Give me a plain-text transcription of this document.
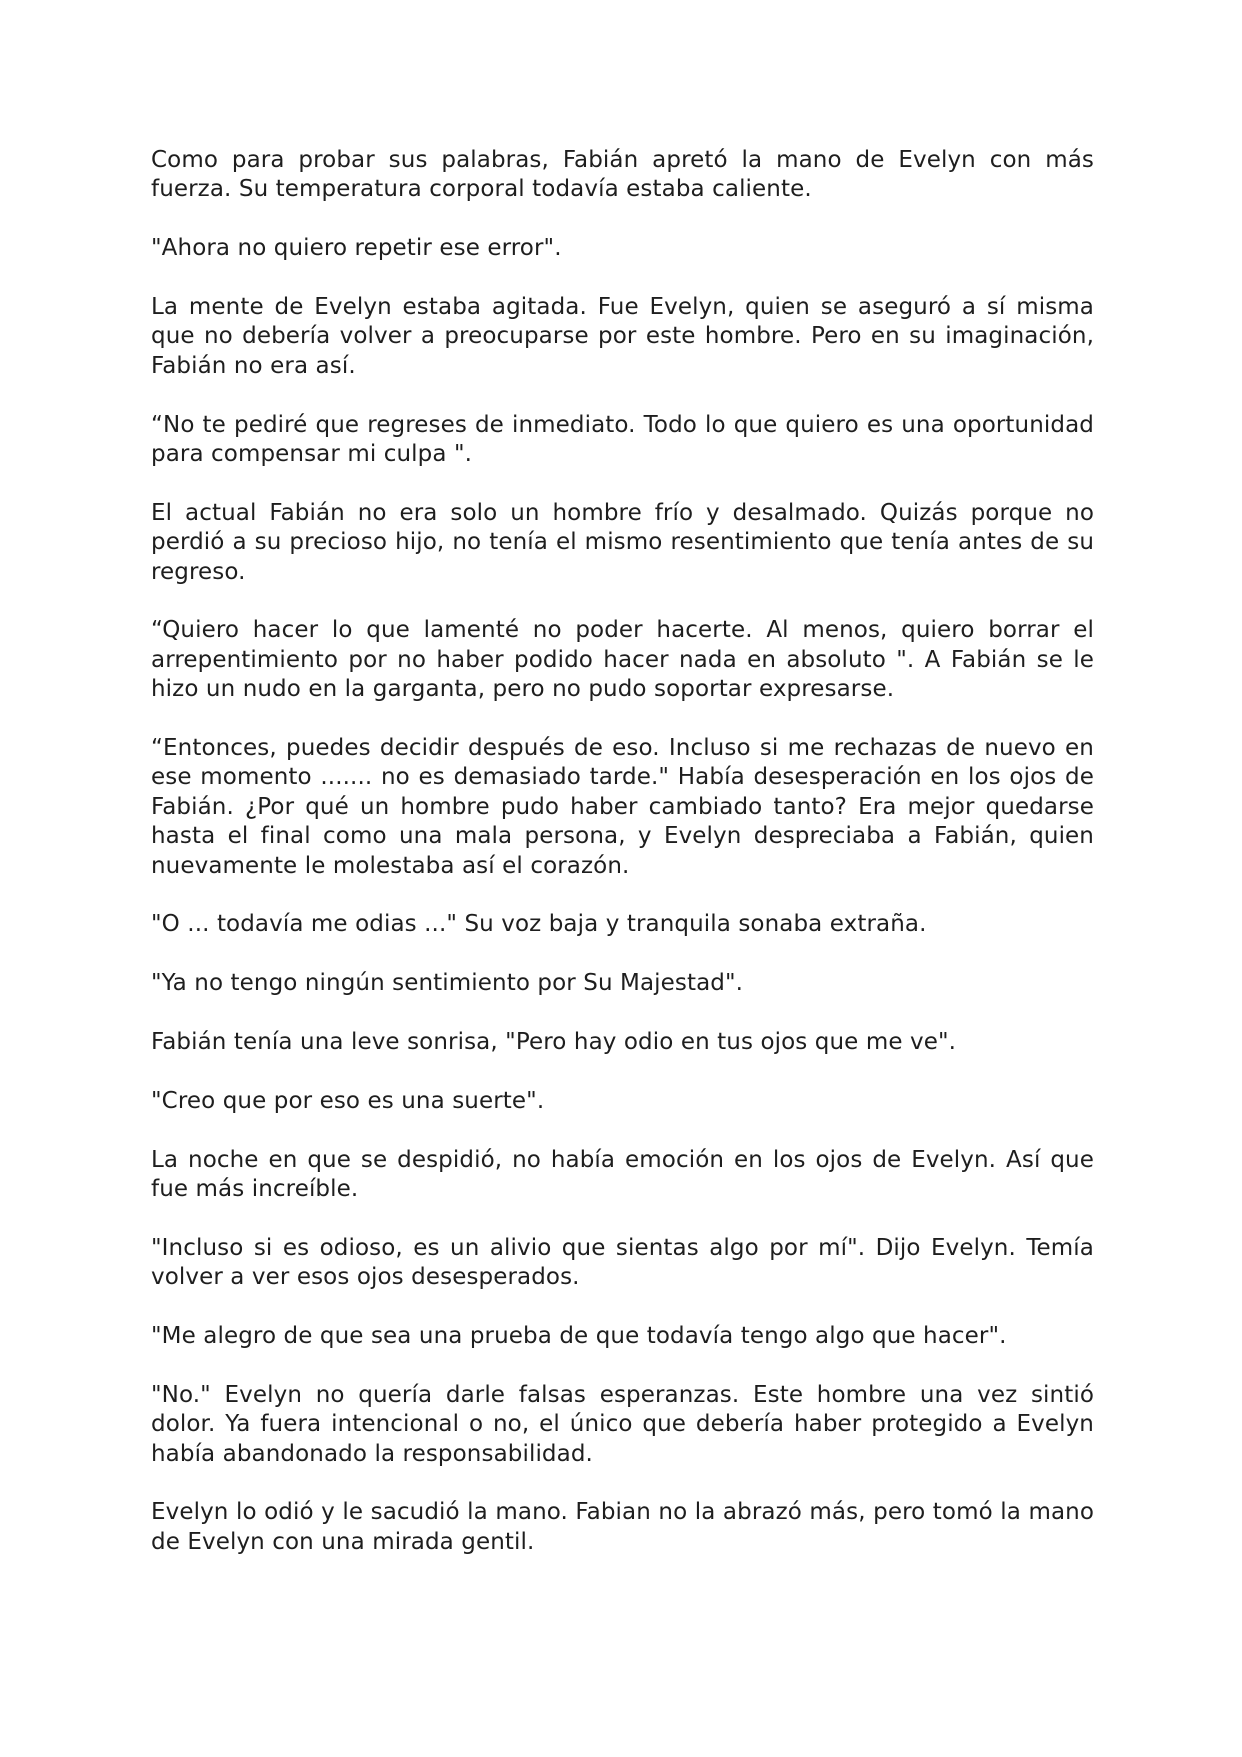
Como para probar sus palabras, Fabián apretó la mano de Evelyn con más fuerza. Su temperatura corporal todavía estaba caliente.

"Ahora no quiero repetir ese error".

La mente de Evelyn estaba agitada. Fue Evelyn, quien se aseguró a sí misma que no debería volver a preocuparse por este hombre. Pero en su imaginación, Fabián no era así.

“No te pediré que regreses de inmediato. Todo lo que quiero es una oportunidad para compensar mi culpa ".

El actual Fabián no era solo un hombre frío y desalmado. Quizás porque no perdió a su precioso hijo, no tenía el mismo resentimiento que tenía antes de su regreso.

“Quiero hacer lo que lamenté no poder hacerte. Al menos, quiero borrar el arrepentimiento por no haber podido hacer nada en absoluto ". A Fabián se le hizo un nudo en la garganta, pero no pudo soportar expresarse.

“Entonces, puedes decidir después de eso. Incluso si me rechazas de nuevo en ese momento ....... no es demasiado tarde." Había desesperación en los ojos de Fabián. ¿Por qué un hombre pudo haber cambiado tanto? Era mejor quedarse hasta el final como una mala persona, y Evelyn despreciaba a Fabián, quien nuevamente le molestaba así el corazón.

"O ... todavía me odias ..." Su voz baja y tranquila sonaba extraña.

"Ya no tengo ningún sentimiento por Su Majestad".

Fabián tenía una leve sonrisa, "Pero hay odio en tus ojos que me ve".

"Creo que por eso es una suerte".

La noche en que se despidió, no había emoción en los ojos de Evelyn. Así que fue más increíble.

"Incluso si es odioso, es un alivio que sientas algo por mí". Dijo Evelyn. Temía volver a ver esos ojos desesperados.

"Me alegro de que sea una prueba de que todavía tengo algo que hacer".

"No." Evelyn no quería darle falsas esperanzas. Este hombre una vez sintió dolor. Ya fuera intencional o no, el único que debería haber protegido a Evelyn había abandonado la responsabilidad.

Evelyn lo odió y le sacudió la mano. Fabian no la abrazó más, pero tomó la mano de Evelyn con una mirada gentil.
